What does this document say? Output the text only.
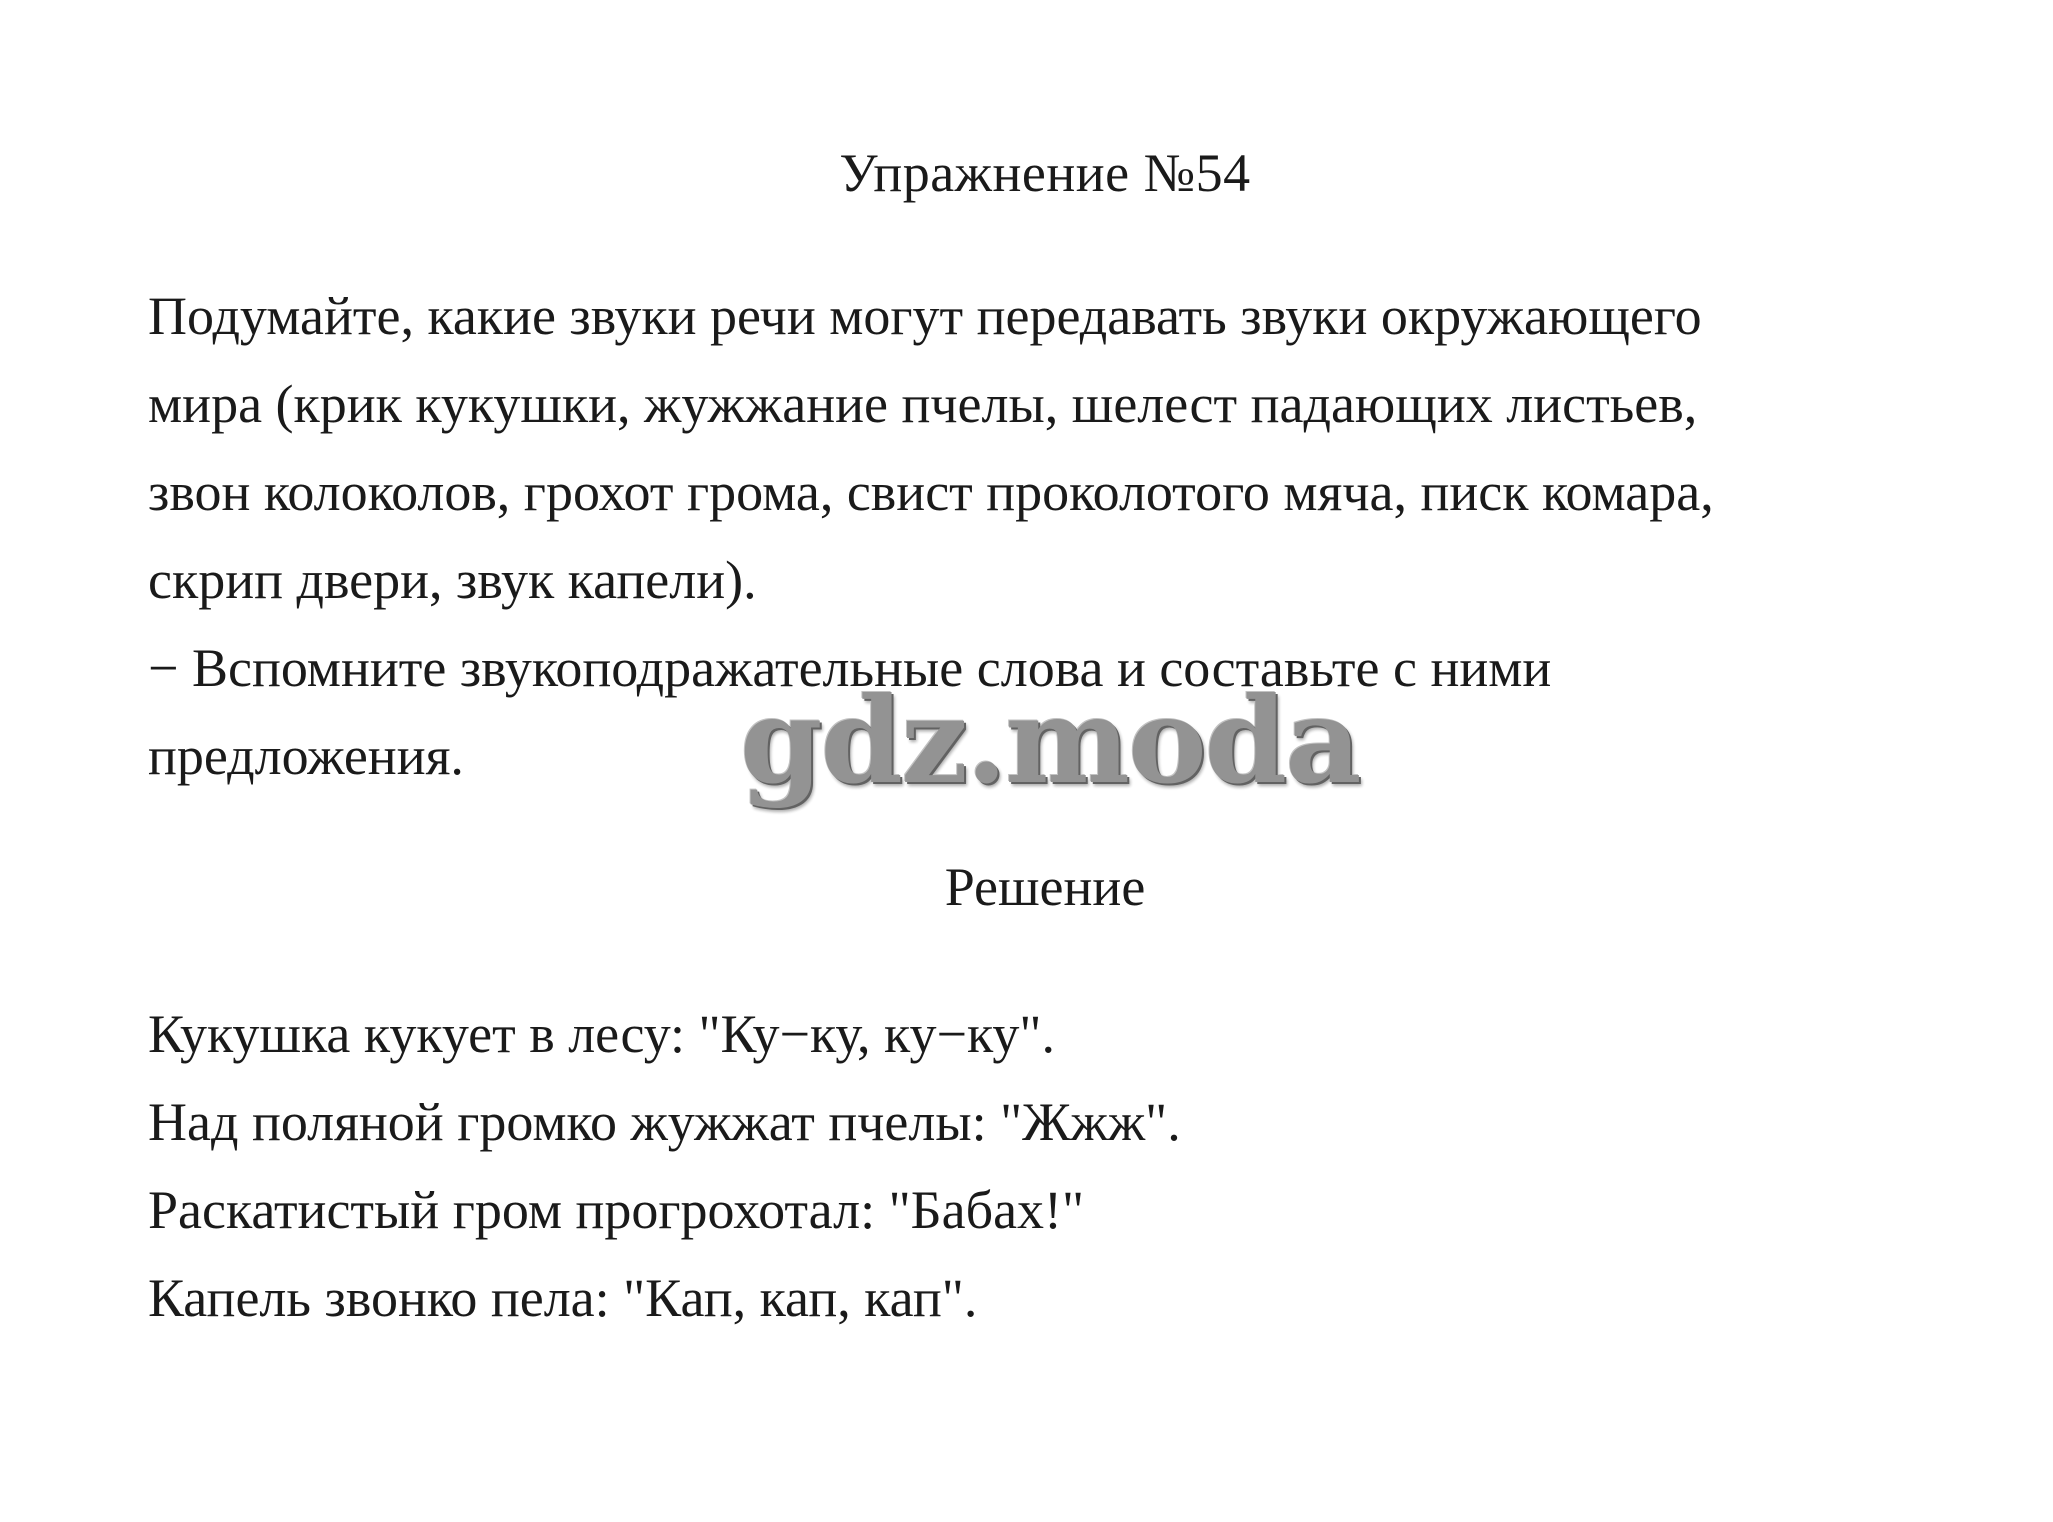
Упражнение №54
Подумайте, какие звуки речи могут передавать звуки окружающего
мира (крик кукушки, жужжание пчелы, шелест падающих листьев,
звон колоколов, грохот грома, свист проколотого мяча, писк комара,
скрип двери, звук капели).
− Вспомните звукоподражательные слова и составьте с ними
предложения.	gdz.moda
Решение
Кукушка кукует в лесу: "Ку−ку, ку−ку".
Над поляной громко жужжат пчелы: "Жжж".
Раскатистый гром прогрохотал: "Бабах!"
Капель звонко пела: "Кап, кап, кап".
